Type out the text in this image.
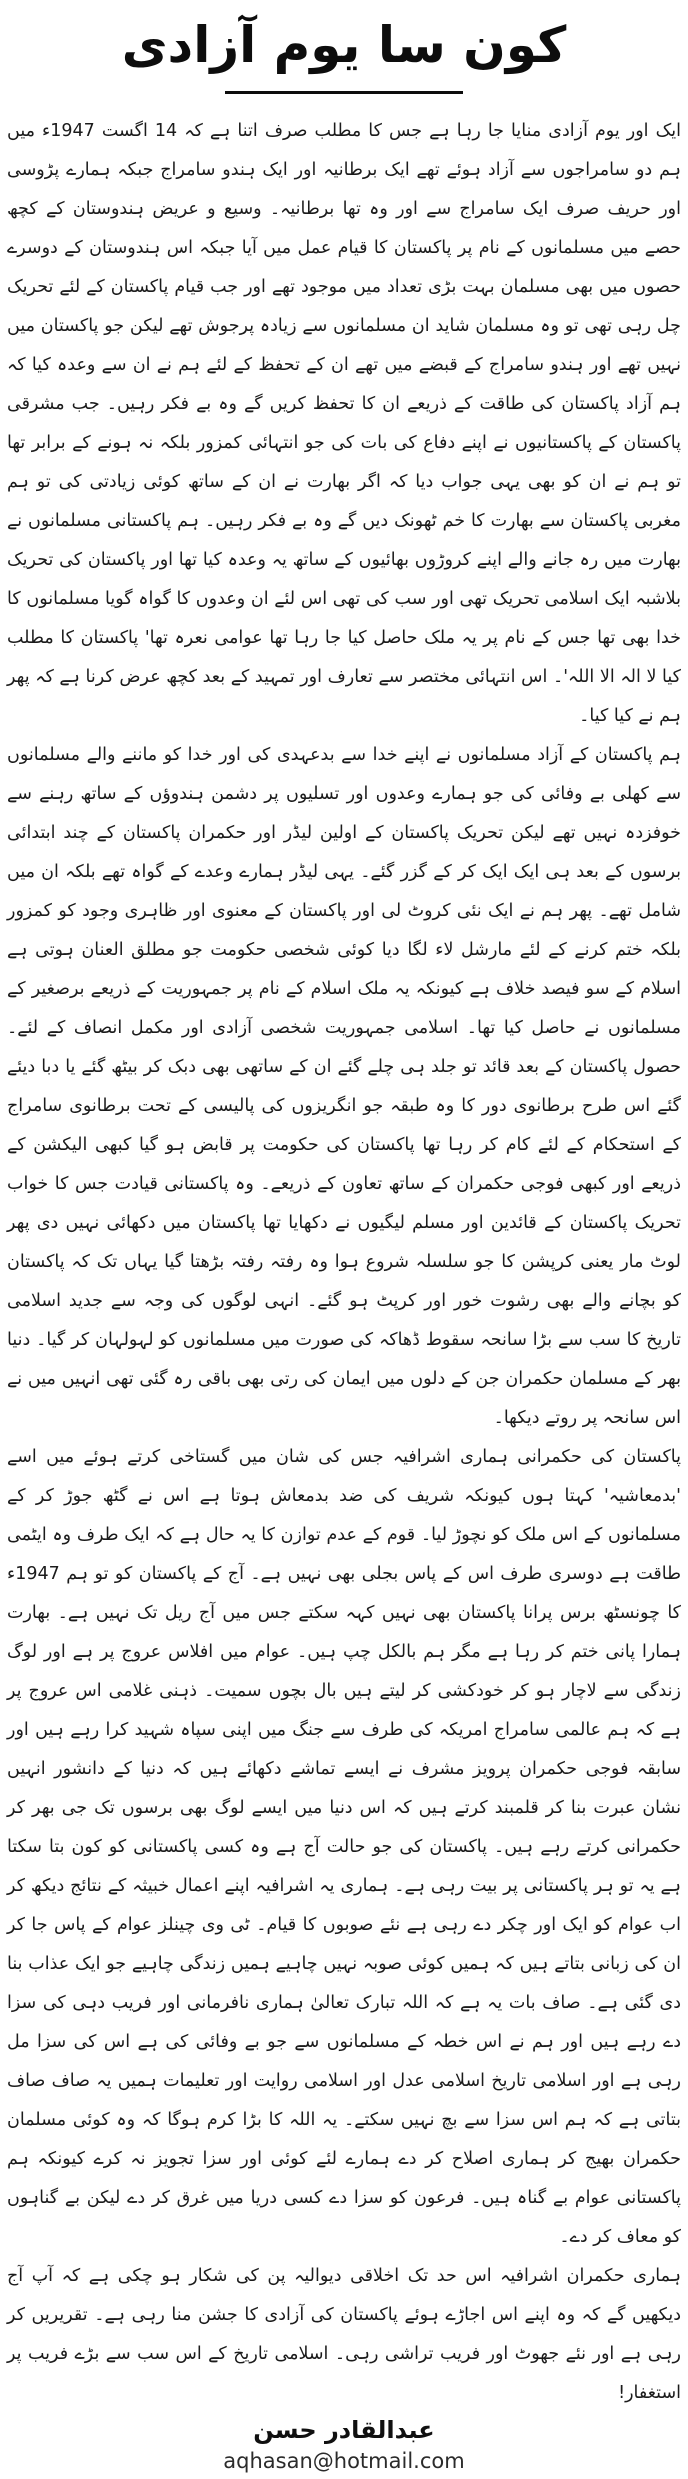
کون سا یوم آزادی

ایک اور یوم آزادی منایا جا رہا ہے جس کا مطلب صرف اتنا ہے کہ 14 اگست 1947ء میں ہم دو سامراجوں سے آزاد ہوئے تھے ایک برطانیہ اور ایک ہندو سامراج جبکہ ہمارے پڑوسی اور حریف صرف ایک سامراج سے اور وہ تھا برطانیہ۔ وسیع و عریض ہندوستان کے کچھ حصے میں مسلمانوں کے نام پر پاکستان کا قیام عمل میں آیا جبکہ اس ہندوستان کے دوسرے حصوں میں بھی مسلمان بہت بڑی تعداد میں موجود تھے اور جب قیام پاکستان کے لئے تحریک چل رہی تھی تو وہ مسلمان شاید ان مسلمانوں سے زیادہ پرجوش تھے لیکن جو پاکستان میں نہیں تھے اور ہندو سامراج کے قبضے میں تھے ان کے تحفظ کے لئے ہم نے ان سے وعدہ کیا کہ ہم آزاد پاکستان کی طاقت کے ذریعے ان کا تحفظ کریں گے وہ بے فکر رہیں۔ جب مشرقی پاکستان کے پاکستانیوں نے اپنے دفاع کی بات کی جو انتہائی کمزور بلکہ نہ ہونے کے برابر تھا تو ہم نے ان کو بھی یہی جواب دیا کہ اگر بھارت نے ان کے ساتھ کوئی زیادتی کی تو ہم مغربی پاکستان سے بھارت کا خم ٹھونک دیں گے وہ بے فکر رہیں۔ ہم پاکستانی مسلمانوں نے بھارت میں رہ جانے والے اپنے کروڑوں بھائیوں کے ساتھ یہ وعدہ کیا تھا اور پاکستان کی تحریک بلاشبہ ایک اسلامی تحریک تھی اور سب کی تھی اس لئے ان وعدوں کا گواہ گویا مسلمانوں کا خدا بھی تھا جس کے نام پر یہ ملک حاصل کیا جا رہا تھا عوامی نعرہ تھا' پاکستان کا مطلب کیا لا الہ الا اللہ'۔ اس انتہائی مختصر سے تعارف اور تمہید کے بعد کچھ عرض کرنا ہے کہ پھر ہم نے کیا کیا۔

ہم پاکستان کے آزاد مسلمانوں نے اپنے خدا سے بدعہدی کی اور خدا کو ماننے والے مسلمانوں سے کھلی بے وفائی کی جو ہمارے وعدوں اور تسلیوں پر دشمن ہندوؤں کے ساتھ رہنے سے خوفزدہ نہیں تھے لیکن تحریک پاکستان کے اولین لیڈر اور حکمران پاکستان کے چند ابتدائی برسوں کے بعد ہی ایک ایک کر کے گزر گئے۔ یہی لیڈر ہمارے وعدے کے گواہ تھے بلکہ ان میں شامل تھے۔ پھر ہم نے ایک نئی کروٹ لی اور پاکستان کے معنوی اور ظاہری وجود کو کمزور بلکہ ختم کرنے کے لئے مارشل لاء لگا دیا کوئی شخصی حکومت جو مطلق العنان ہوتی ہے اسلام کے سو فیصد خلاف ہے کیونکہ یہ ملک اسلام کے نام پر جمہوریت کے ذریعے برصغیر کے مسلمانوں نے حاصل کیا تھا۔ اسلامی جمہوریت شخصی آزادی اور مکمل انصاف کے لئے۔ حصول پاکستان کے بعد قائد تو جلد ہی چلے گئے ان کے ساتھی بھی دبک کر بیٹھ گئے یا دبا دیئے گئے اس طرح برطانوی دور کا وہ طبقہ جو انگریزوں کی پالیسی کے تحت برطانوی سامراج کے استحکام کے لئے کام کر رہا تھا پاکستان کی حکومت پر قابض ہو گیا کبھی الیکشن کے ذریعے اور کبھی فوجی حکمران کے ساتھ تعاون کے ذریعے۔ وہ پاکستانی قیادت جس کا خواب تحریک پاکستان کے قائدین اور مسلم لیگیوں نے دکھایا تھا پاکستان میں دکھائی نہیں دی پھر لوٹ مار یعنی کرپشن کا جو سلسلہ شروع ہوا وہ رفتہ رفتہ بڑھتا گیا یہاں تک کہ پاکستان کو بچانے والے بھی رشوت خور اور کرپٹ ہو گئے۔ انہی لوگوں کی وجہ سے جدید اسلامی تاریخ کا سب سے بڑا سانحہ سقوط ڈھاکہ کی صورت میں مسلمانوں کو لہولہان کر گیا۔ دنیا بھر کے مسلمان حکمران جن کے دلوں میں ایمان کی رتی بھی باقی رہ گئی تھی انہیں میں نے اس سانحہ پر روتے دیکھا۔

پاکستان کی حکمرانی ہماری اشرافیہ جس کی شان میں گستاخی کرتے ہوئے میں اسے 'بدمعاشیہ' کہتا ہوں کیونکہ شریف کی ضد بدمعاش ہوتا ہے اس نے گٹھ جوڑ کر کے مسلمانوں کے اس ملک کو نچوڑ لیا۔ قوم کے عدم توازن کا یہ حال ہے کہ ایک طرف وہ ایٹمی طاقت ہے دوسری طرف اس کے پاس بجلی بھی نہیں ہے۔ آج کے پاکستان کو تو ہم 1947ء کا چونسٹھ برس پرانا پاکستان بھی نہیں کہہ سکتے جس میں آج ریل تک نہیں ہے۔ بھارت ہمارا پانی ختم کر رہا ہے مگر ہم بالکل چپ ہیں۔ عوام میں افلاس عروج پر ہے اور لوگ زندگی سے لاچار ہو کر خودکشی کر لیتے ہیں بال بچوں سمیت۔ ذہنی غلامی اس عروج پر ہے کہ ہم عالمی سامراج امریکہ کی طرف سے جنگ میں اپنی سپاہ شہید کرا رہے ہیں اور سابقہ فوجی حکمران پرویز مشرف نے ایسے تماشے دکھائے ہیں کہ دنیا کے دانشور انہیں نشان عبرت بنا کر قلمبند کرتے ہیں کہ اس دنیا میں ایسے لوگ بھی برسوں تک جی بھر کر حکمرانی کرتے رہے ہیں۔ پاکستان کی جو حالت آج ہے وہ کسی پاکستانی کو کون بتا سکتا ہے یہ تو ہر پاکستانی پر بیت رہی ہے۔ ہماری یہ اشرافیہ اپنے اعمال خبیثہ کے نتائج دیکھ کر اب عوام کو ایک اور چکر دے رہی ہے نئے صوبوں کا قیام۔ ٹی وی چینلز عوام کے پاس جا کر ان کی زبانی بتاتے ہیں کہ ہمیں کوئی صوبہ نہیں چاہیے ہمیں زندگی چاہیے جو ایک عذاب بنا دی گئی ہے۔ صاف بات یہ ہے کہ اللہ تبارک تعالیٰ ہماری نافرمانی اور فریب دہی کی سزا دے رہے ہیں اور ہم نے اس خطہ کے مسلمانوں سے جو بے وفائی کی ہے اس کی سزا مل رہی ہے اور اسلامی تاریخ اسلامی عدل اور اسلامی روایت اور تعلیمات ہمیں یہ صاف صاف بتاتی ہے کہ ہم اس سزا سے بچ نہیں سکتے۔ یہ اللہ کا بڑا کرم ہوگا کہ وہ کوئی مسلمان حکمران بھیج کر ہماری اصلاح کر دے ہمارے لئے کوئی اور سزا تجویز نہ کرے کیونکہ ہم پاکستانی عوام بے گناہ ہیں۔ فرعون کو سزا دے کسی دریا میں غرق کر دے لیکن بے گناہوں کو معاف کر دے۔

ہماری حکمران اشرافیہ اس حد تک اخلاقی دیوالیہ پن کی شکار ہو چکی ہے کہ آپ آج دیکھیں گے کہ وہ اپنے اس اجاڑے ہوئے پاکستان کی آزادی کا جشن منا رہی ہے۔ تقریریں کر رہی ہے اور نئے جھوٹ اور فریب تراشی رہی۔ اسلامی تاریخ کے اس سب سے بڑے فریب پر استغفار!

عبدالقادر حسن
aqhasan@hotmail.com
